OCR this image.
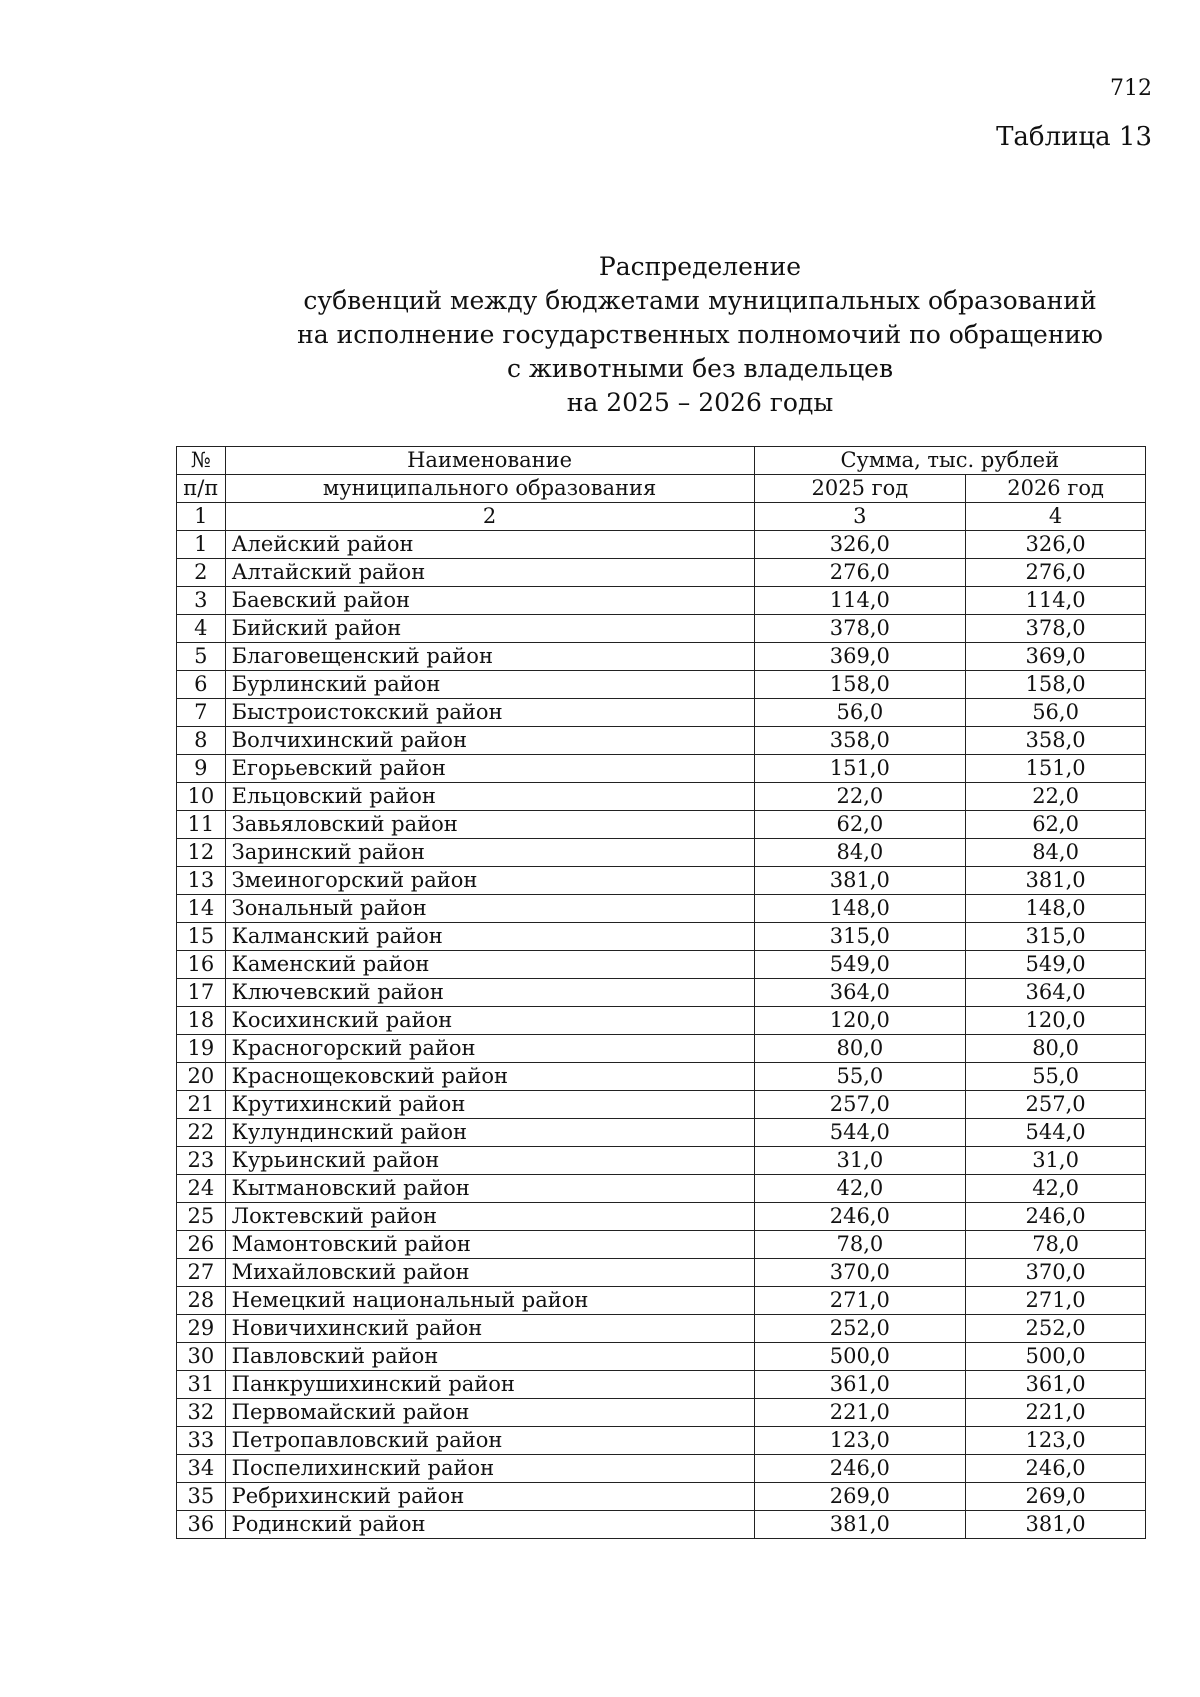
712
Таблица 13
Распределение
субвенций между бюджетами муниципальных образований
на исполнение государственных полномочий по обращению
с животными без владельцев
на 2025 – 2026 годы
№	Наименование	Сумма, тыс. рублей	
п/п	муниципального образования	2025 год	2026 год
1	2	3	4
1	Алейский район	326,0	326,0
2	Алтайский район	276,0	276,0
3	Баевский район	114,0	114,0
4	Бийский район	378,0	378,0
5	Благовещенский район	369,0	369,0
6	Бурлинский район	158,0	158,0
7	Быстроистокский район	56,0	56,0
8	Волчихинский район	358,0	358,0
9	Егорьевский район	151,0	151,0
10	Ельцовский район	22,0	22,0
11	Завьяловский район	62,0	62,0
12	Заринский район	84,0	84,0
13	Змеиногорский район	381,0	381,0
14	Зональный район	148,0	148,0
15	Калманский район	315,0	315,0
16	Каменский район	549,0	549,0
17	Ключевский район	364,0	364,0
18	Косихинский район	120,0	120,0
19	Красногорский район	80,0	80,0
20	Краснощековский район	55,0	55,0
21	Крутихинский район	257,0	257,0
22	Кулундинский район	544,0	544,0
23	Курьинский район	31,0	31,0
24	Кытмановский район	42,0	42,0
25	Локтевский район	246,0	246,0
26	Мамонтовский район	78,0	78,0
27	Михайловский район	370,0	370,0
28	Немецкий национальный район	271,0	271,0
29	Новичихинский район	252,0	252,0
30	Павловский район	500,0	500,0
31	Панкрушихинский район	361,0	361,0
32	Первомайский район	221,0	221,0
33	Петропавловский район	123,0	123,0
34	Поспелихинский район	246,0	246,0
35	Ребрихинский район	269,0	269,0
36	Родинский район	381,0	381,0
